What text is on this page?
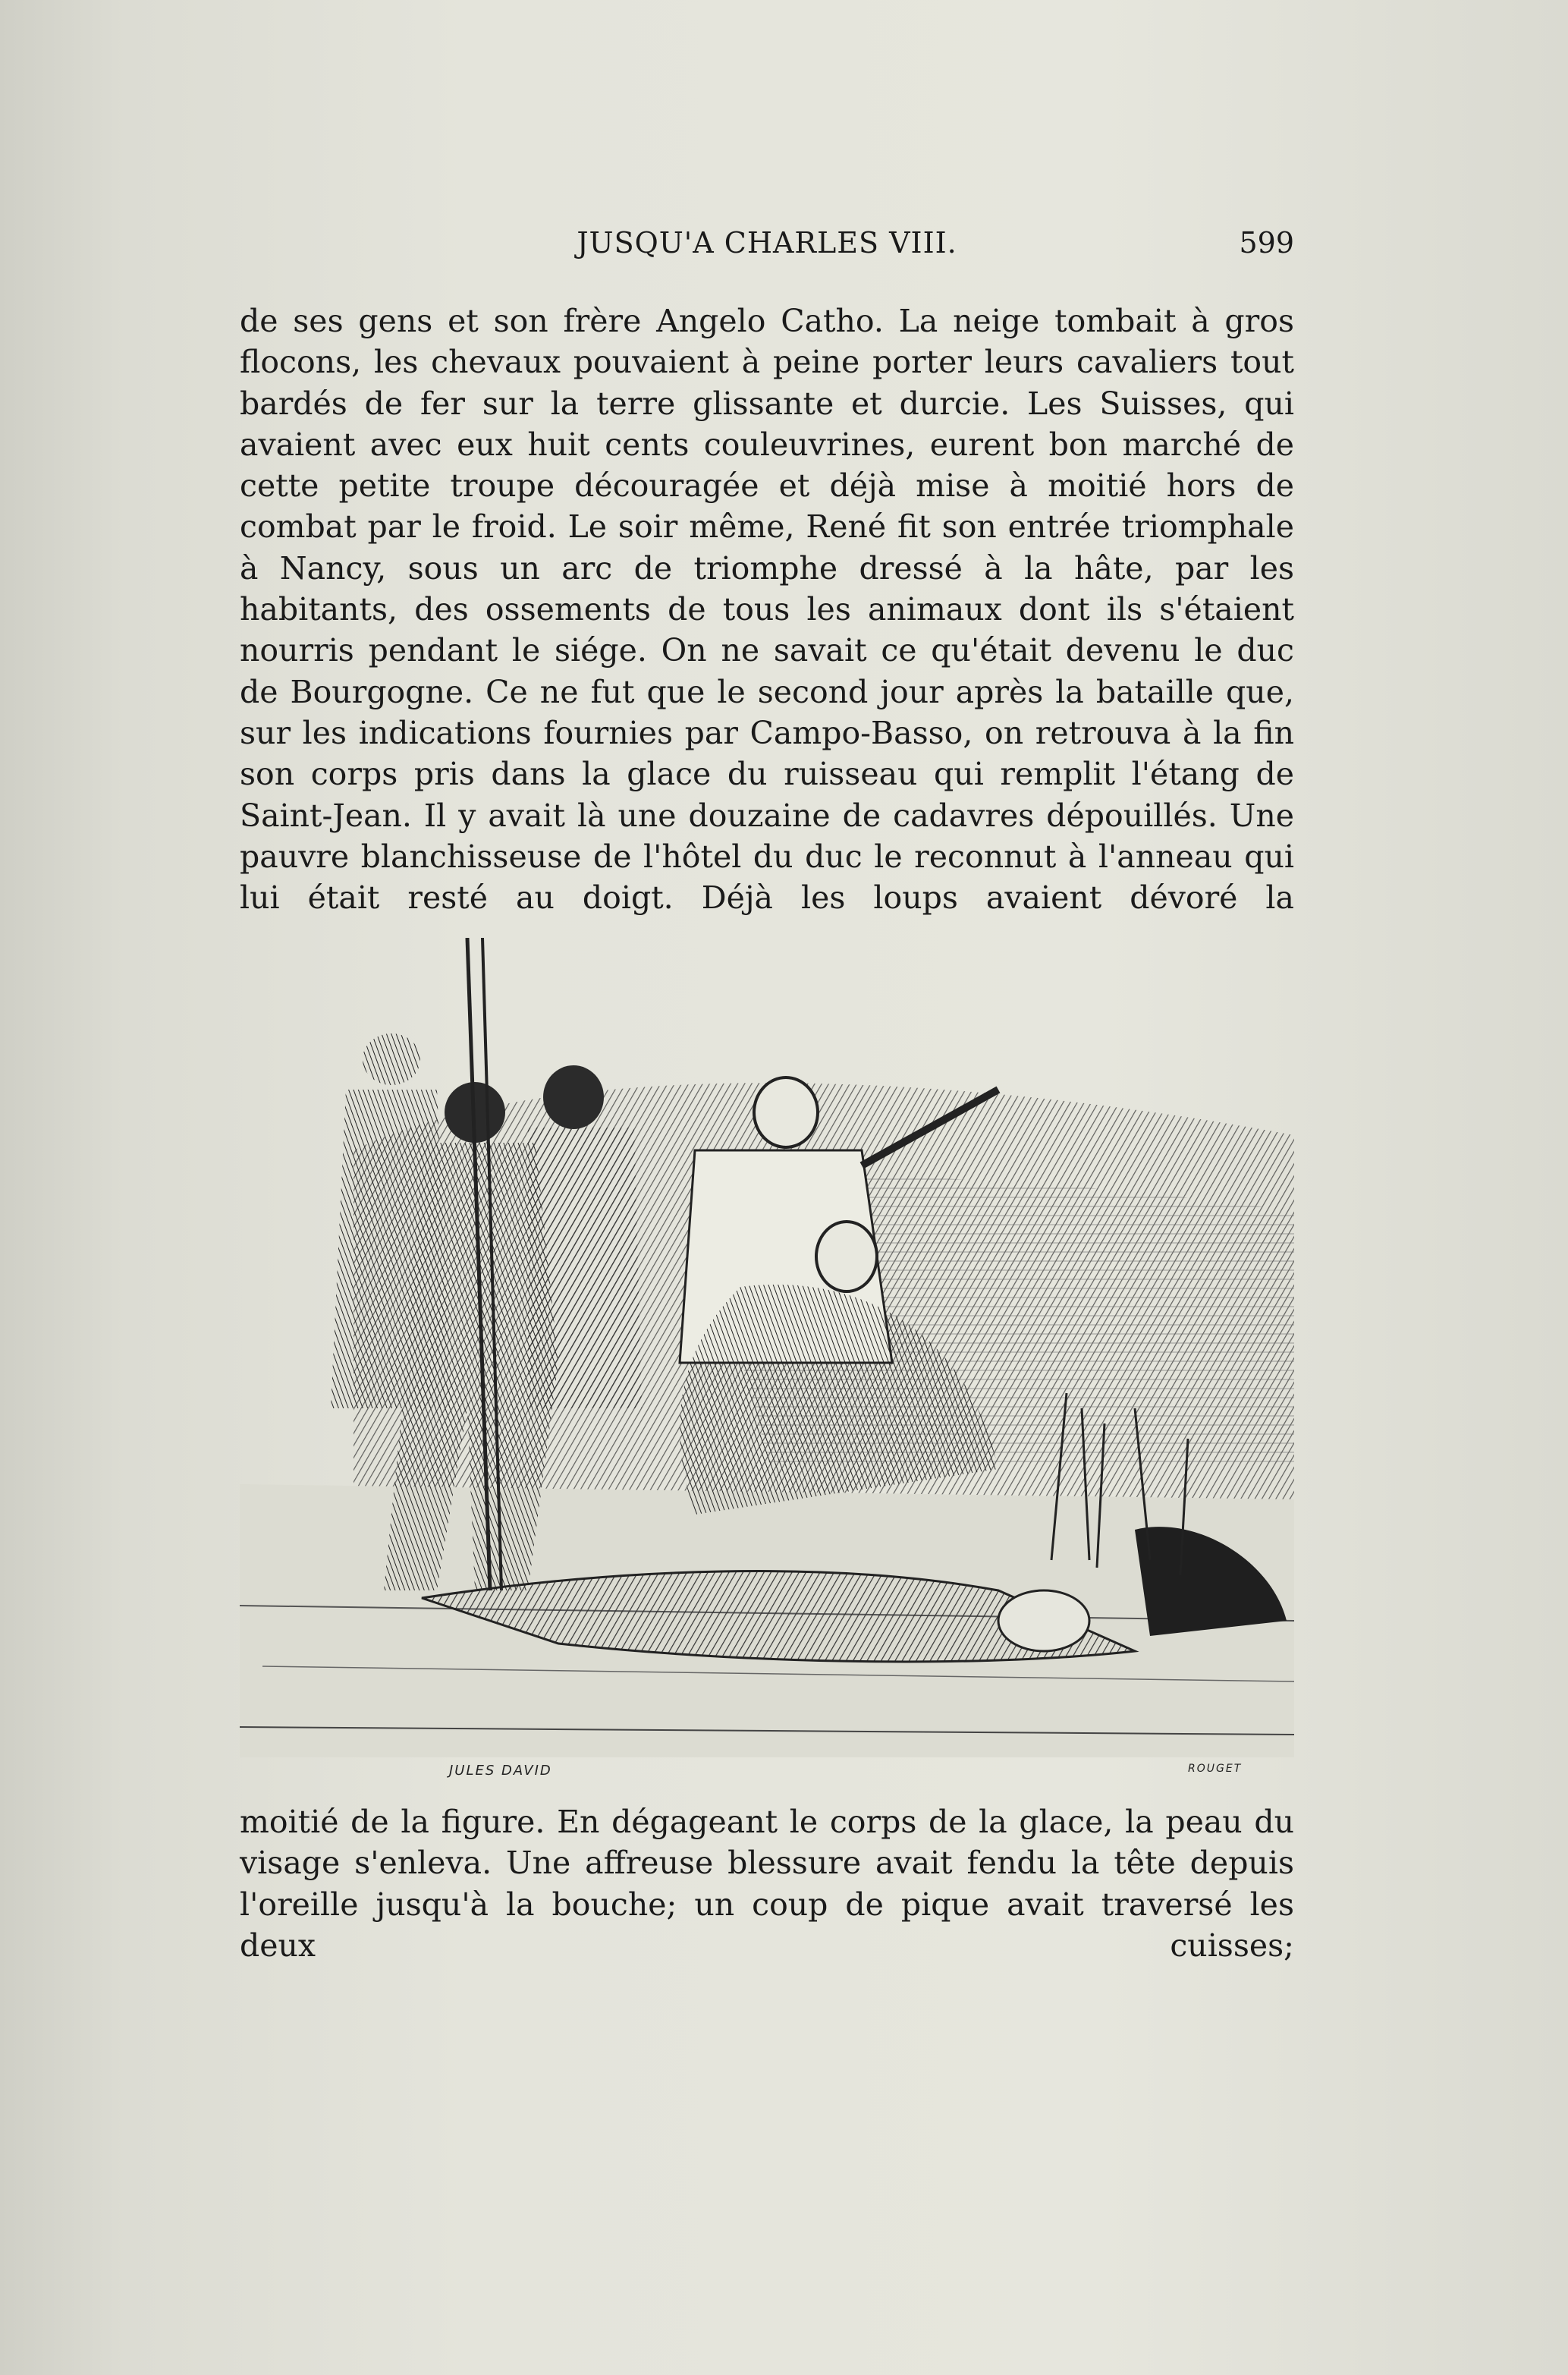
JUSQU'A CHARLES VIII.	599
de ses gens et son frère Angelo Catho. La neige tombait à gros flocons, les chevaux pouvaient à peine porter leurs cavaliers tout bardés de fer sur la terre glissante et durcie. Les Suisses, qui avaient avec eux huit cents couleuvrines, eurent bon marché de cette petite troupe découragée et déjà mise à moitié hors de combat par le froid. Le soir même, René fit son entrée triomphale à Nancy, sous un arc de triomphe dressé à la hâte, par les habitants, des ossements de tous les animaux dont ils s'étaient nourris pendant le siége. On ne savait ce qu'était devenu le duc de Bourgogne. Ce ne fut que le second jour après la bataille que, sur les indications fournies par Campo-Basso, on retrouva à la fin son corps pris dans la glace du ruisseau qui remplit l'étang de Saint-Jean. Il y avait là une douzaine de cadavres dépouillés. Une pauvre blanchisseuse de l'hôtel du duc le reconnut à l'anneau qui lui était resté au doigt. Déjà les loups avaient dévoré la
JULES DAVID	ROUGET
moitié de la figure. En dégageant le corps de la glace, la peau du visage s'enleva. Une affreuse blessure avait fendu la tête depuis l'oreille jusqu'à la bouche; un coup de pique avait traversé les deux cuisses;
